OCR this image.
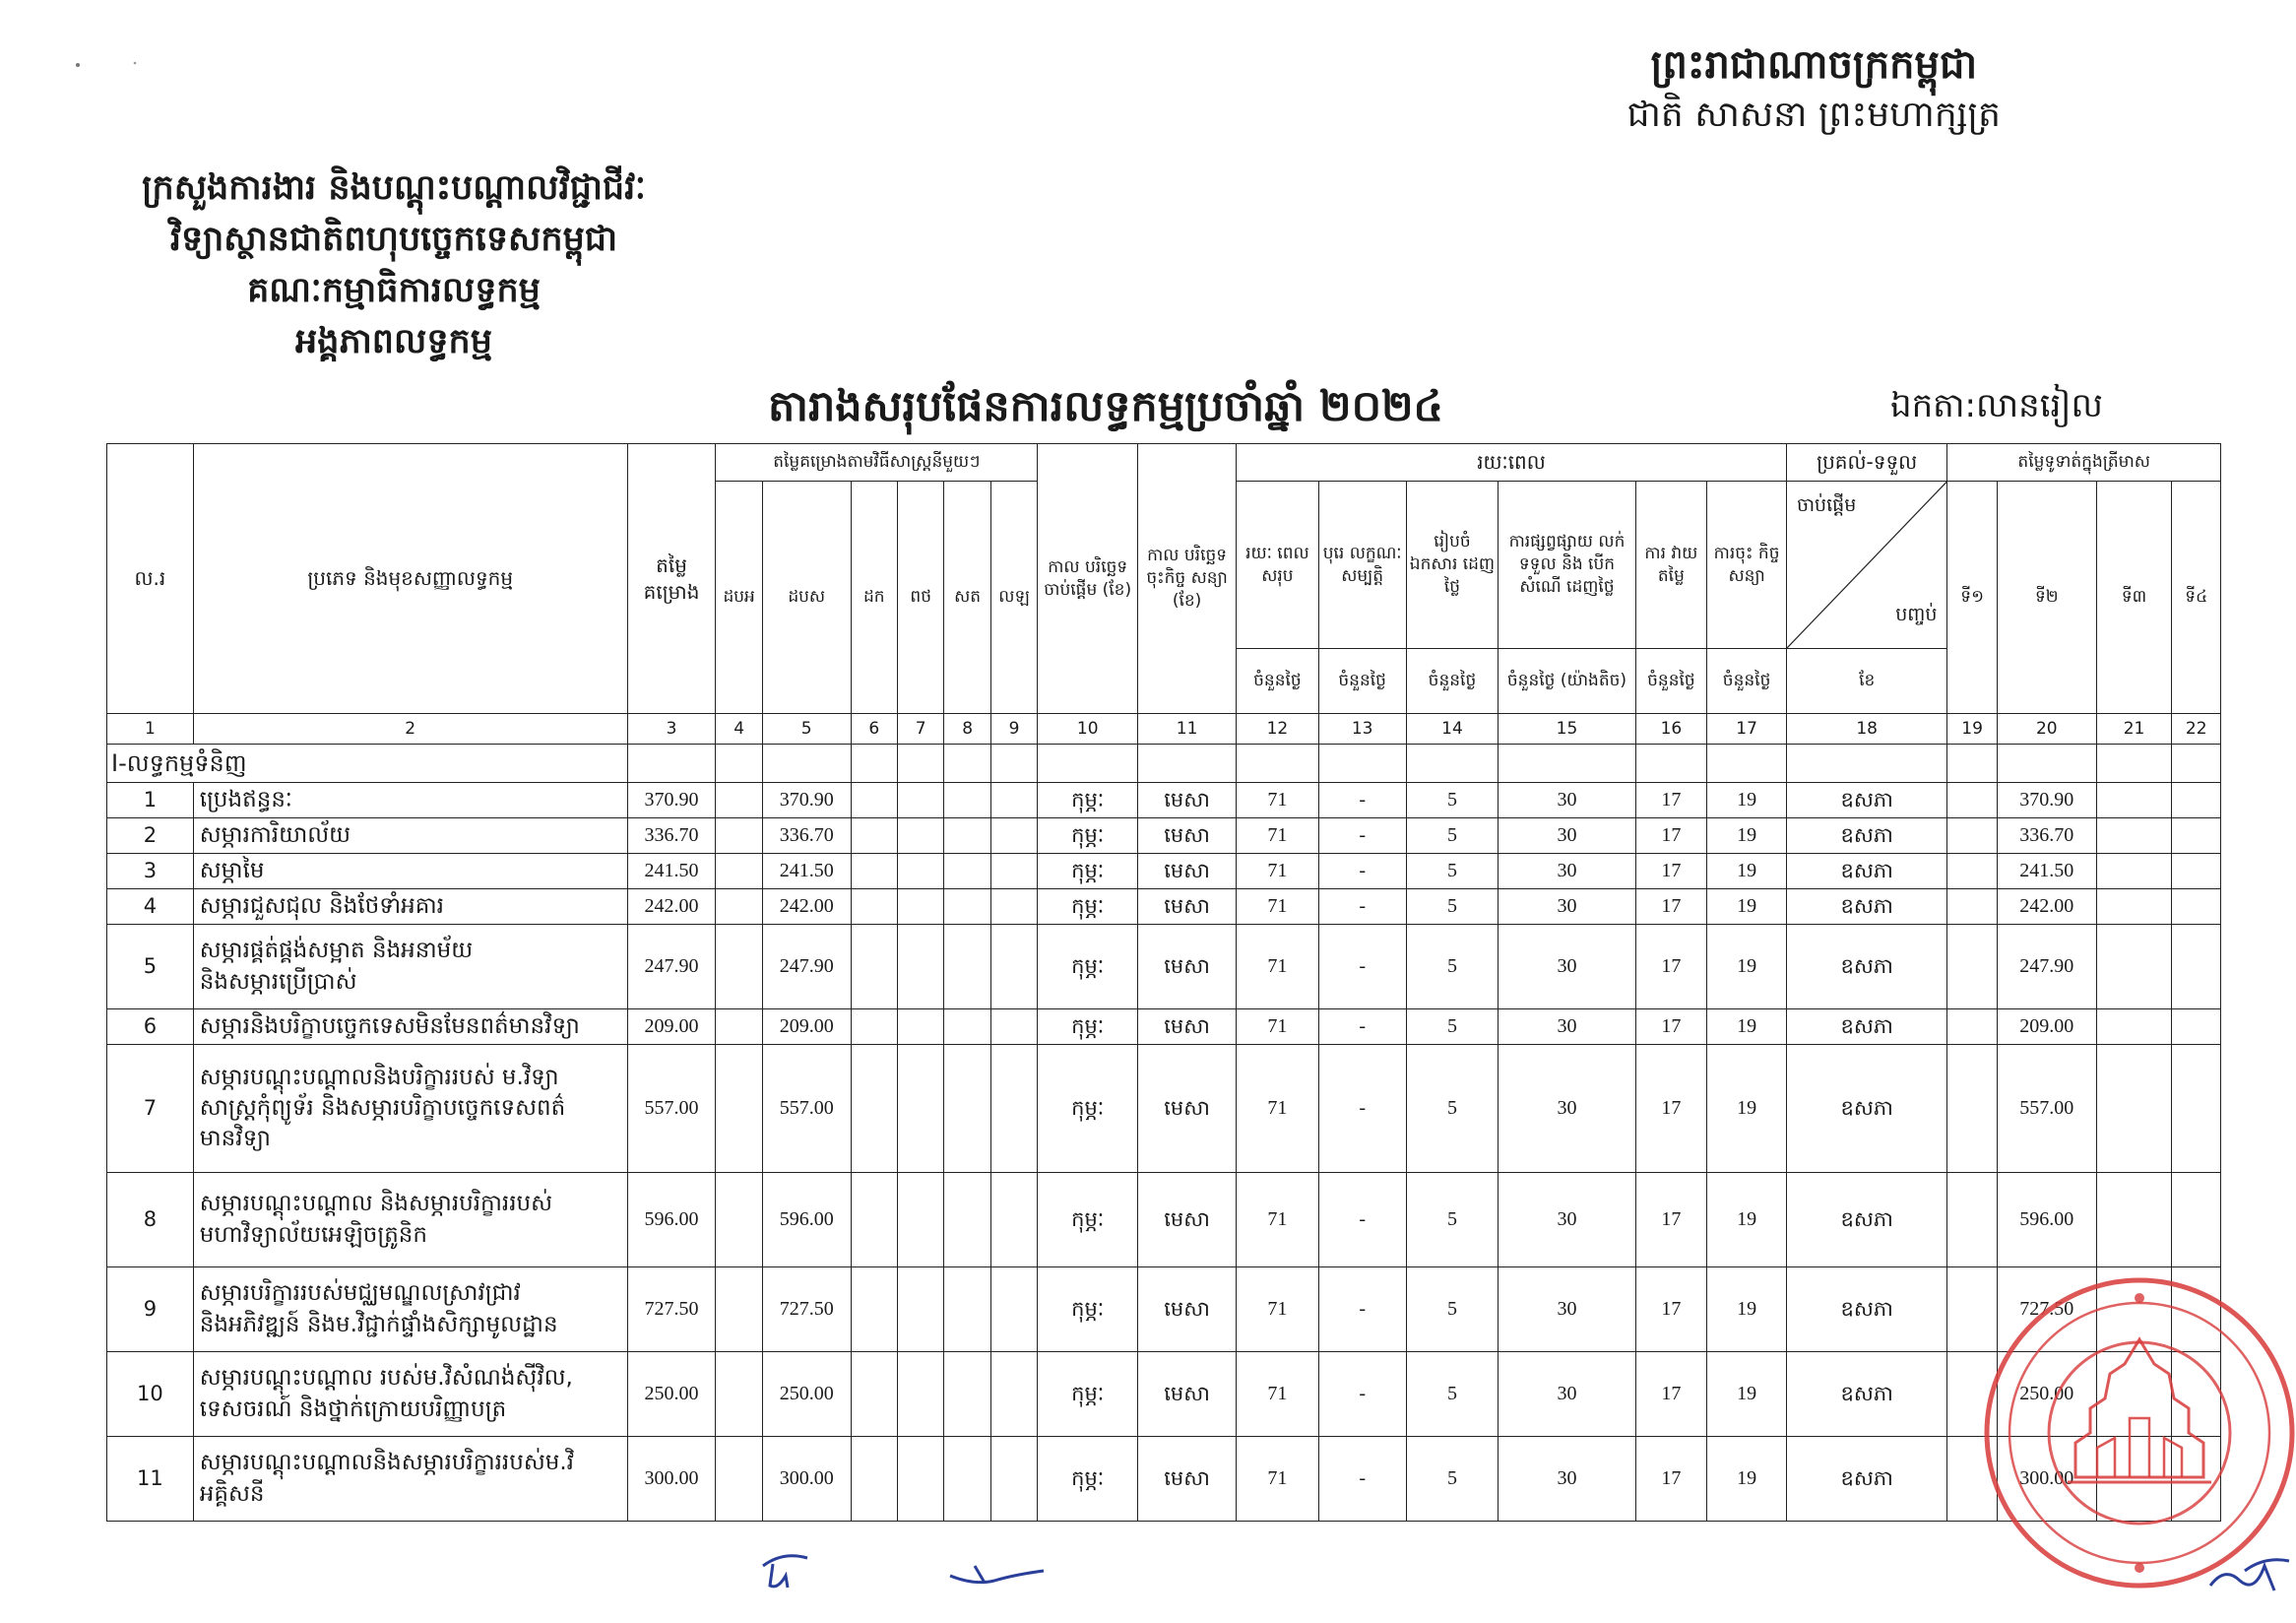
ព្រះរាជាណាចក្រកម្ពុជា
ជាតិ សាសនា ព្រះមហាក្សត្រ
ក្រសួងការងារ និងបណ្តុះបណ្តាលវិជ្ជាជីវៈ
វិទ្យាស្ថានជាតិពហុបច្ចេកទេសកម្ពុជា
គណៈកម្មាធិការលទ្ធកម្ម
អង្គភាពលទ្ធកម្ម
តារាងសរុបផែនការលទ្ធកម្មប្រចាំឆ្នាំ ២០២៤	ឯកតា:លានរៀល
ល.រ	ប្រភេទ និងមុខសញ្ញាលទ្ធកម្ម	តម្លៃ គម្រោង	តម្លៃគម្រោងតាមវិធីសាស្ត្រនីមួយៗ						កាល បរិច្ឆេទ ចាប់ផ្តើម (ខែ)	កាល បរិច្ឆេទ ចុះកិច្ច សន្យា (ខែ)	រយៈពេល						ប្រគល់-ទទួល	តម្លៃទូទាត់ក្នុងត្រីមាស			
			ដបអ	ដបស	ដក	ពថ	សត	លឡ			រយៈ ពេល សរុប	បុរេ លក្ខណៈ សម្បត្តិ	រៀបចំ ឯកសារ ដេញថ្លៃ	ការផ្សព្វផ្សាយ លក់ទទួល និង បើក សំណើ ដេញថ្លៃ	ការ វាយតម្លៃ	ការចុះ កិច្ច សន្យា	ចាប់ផ្តើម
បញ្ចប់	ទី១	ទី២	ទី៣	ទី៤
											ចំនួនថ្ងៃ	ចំនួនថ្ងៃ	ចំនួនថ្ងៃ	ចំនួនថ្ងៃ (យ៉ាងតិច)	ចំនួនថ្ងៃ	ចំនួនថ្ងៃ	ខែ				
1	2	3	4	5	6	7	8	9	10	11	12	13	14	15	16	17	18	19	20	21	22
I-លទ្ធកម្មទំនិញ																					
1	ប្រេងឥន្ធនៈ	370.90		370.90					កុម្ភៈ	មេសា	71	-	5	30	17	19	ឧសភា		370.90		
2	សម្ភារការិយាល័យ	336.70		336.70					កុម្ភៈ	មេសា	71	-	5	30	17	19	ឧសភា		336.70		
3	សម្ភាមៃ	241.50		241.50					កុម្ភៈ	មេសា	71	-	5	30	17	19	ឧសភា		241.50		
4	សម្ភារជួសជុល និងថែទាំអគារ	242.00		242.00					កុម្ភៈ	មេសា	71	-	5	30	17	19	ឧសភា		242.00		
5	សម្ភារផ្គត់ផ្គង់សម្អាត និងអនាម័យ
និងសម្ភារប្រើប្រាស់	247.90		247.90					កុម្ភៈ	មេសា	71	-	5	30	17	19	ឧសភា		247.90		
6	សម្ភារនិងបរិក្ខាបច្ចេកទេសមិនមែនពត៌មានវិទ្យា	209.00		209.00					កុម្ភៈ	មេសា	71	-	5	30	17	19	ឧសភា		209.00		
7	សម្ភារបណ្តុះបណ្តាលនិងបរិក្ខាររបស់ ម.វិទ្យា
សាស្ត្រកុំព្យូទ័រ និងសម្ភារបរិក្ខាបច្ចេកទេសពត៌
មានវិទ្យា	557.00		557.00					កុម្ភៈ	មេសា	71	-	5	30	17	19	ឧសភា		557.00		
8	សម្ភារបណ្តុះបណ្តាល និងសម្ភារបរិក្ខាររបស់
មហាវិទ្យាល័យអេឡិចត្រូនិក	596.00		596.00					កុម្ភៈ	មេសា	71	-	5	30	17	19	ឧសភា		596.00		
9	សម្ភារបរិក្ខាររបស់មជ្ឈមណ្ឌលស្រាវជ្រាវ
និងអភិវឌ្ឍន៍ និងម.វិជ្ជាក់ផ្ទាំងសិក្សាមូលដ្ឋាន	727.50		727.50					កុម្ភៈ	មេសា	71	-	5	30	17	19	ឧសភា		727.50		
10	សម្ភារបណ្តុះបណ្តាល របស់ម.វិសំណង់ស៊ីវិល,
ទេសចរណ៍ និងថ្នាក់ក្រោយបរិញ្ញាបត្រ	250.00		250.00					កុម្ភៈ	មេសា	71	-	5	30	17	19	ឧសភា		250.00		
11	សម្ភារបណ្តុះបណ្តាលនិងសម្ភារបរិក្ខាររបស់ម.វិ
អគ្គិសនី	300.00		300.00					កុម្ភៈ	មេសា	71	-	5	30	17	19	ឧសភា		300.00		
